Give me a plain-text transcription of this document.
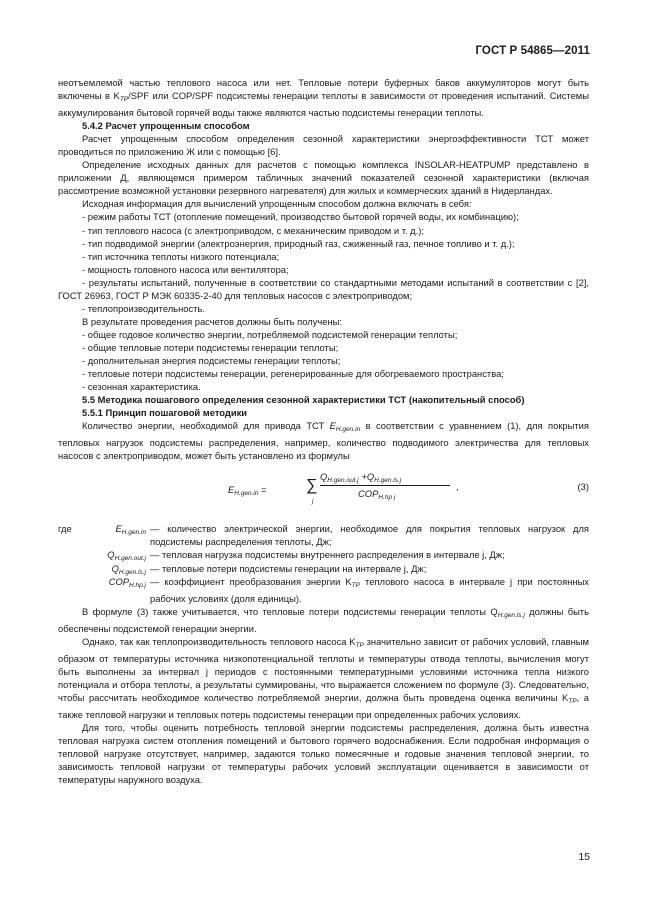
ГОСТ Р 54865—2011

неотъемлемой частью теплового насоса или нет. Тепловые потери буферных баков аккумуляторов могут быть включены в $K_{ТР}$/SPF или COP/SPF подсистемы генерации теплоты в зависимости от проведения испытаний. Системы аккумулирования бытовой горячей воды также являются частью подсистемы генерации теплоты.

5.4.2 Расчет упрощенным способом

Расчет упрощенным способом определения сезонной характеристики энергоэффективности ТСТ может проводиться по приложению Ж или с помощью [6].

Определение исходных данных для расчетов с помощью комплекса INSOLAR-HEATPUMP представлено в приложении Д, являющемся примером табличных значений показателей сезонной характеристики (включая рассмотрение возможной установки резервного нагревателя) для жилых и коммерческих зданий в Нидерландах.

Исходная информация для вычислений упрощенным способом должна включать в себя:

- режим работы ТСТ (отопление помещений, производство бытовой горячей воды, их комбинацию);

- тип теплового насоса (с электроприводом, с механическим приводом и т. д.);

- тип подводимой энергии (электроэнергия, природный газ, сжиженный газ, печное топливо и т. д.);

- тип источника теплоты низкого потенциала;

- мощность головного насоса или вентилятора;

- результаты испытаний, полученные в соответствии со стандартными методами испытаний в соответствии с [2], ГОСТ 26963, ГОСТ Р МЭК 60335-2-40 для тепловых насосов с электроприводом;

- теплопроизводительность.

В результате проведения расчетов должны быть получены:

- общее годовое количество энергии, потребляемой подсистемой генерации теплоты;

- общие тепловые потери подсистемы генерации теплоты;

- дополнительная энергия подсистемы генерации теплоты;

- тепловые потери подсистемы генерации, регенерированные для обогреваемого пространства;

- сезонная характеристика.

5.5 Методика пошагового определения сезонной характеристики ТСТ (накопительный способ)

5.5.1 Принцип пошаговой методики

Количество энергии, необходимой для привода ТСТ $E_{H.gen.in}$ в соответствии с уравнением (1), для покрытия тепловых нагрузок подсистемы распределения, например, количество подводимого электричества для тепловых насосов с электроприводом, может быть установлено из формулы

$E_{H.gen.in}$ = ∑
j
$Q_{H.gen.out.j} +Q_{H.gen.ls.j}$
$COP_{H.hp j}$
,	(3)
где	$E_{H.gen.in}$ — количество электрической энергии, необходимое для покрытия тепловых нагрузок для подсистемы распределения теплоты, Дж;
$Q_{H.gen.out.j}$ — тепловая нагрузка подсистемы внутреннего распределения в интервале j, Дж;
$Q_{H.gen.ls.j}$ — тепловые потери подсистемы генерации на интервале j, Дж;
$COP_{H.hp.j}$ — коэффициент преобразования энергии $K_{ТР}$ теплового насоса в интервале j при постоянных рабочих условиях (доля единицы).

В формуле (3) также учитывается, что тепловые потери подсистемы генерации теплоты $Q_{H.gen.ls.j}$ должны быть обеспечены подсистемой генерации энергии.

Однако, так как теплопроизводительность теплового насоса $K_{ТР}$ значительно зависит от рабочих условий, главным образом от температуры источника низкопотенциальной теплоты и температуры отвода теплоты, вычисления могут быть выполнены за интервал j периодов с постоянными температурными условиями источника тепла низкого потенциала и отбора теплоты, а результаты суммированы, что выражается сложением по формуле (3). Следовательно, чтобы рассчитать необходимое количество потребляемой энергии, должна быть проведена оценка величины $K_{ТР}$, а также тепловой нагрузки и тепловых потерь подсистемы генерации при определенных рабочих условиях.

Для того, чтобы оценить потребность тепловой энергии подсистемы распределения, должна быть известна тепловая нагрузка систем отопления помещений и бытового горячего водоснабжения. Если подробная информация о тепловой нагрузке отсутствует, например, задаются только помесячные и годовые значения тепловой энергии, то зависимость тепловой нагрузки от температуры рабочих условий эксплуатации оценивается в зависимости от температуры наружного воздуха.

15
